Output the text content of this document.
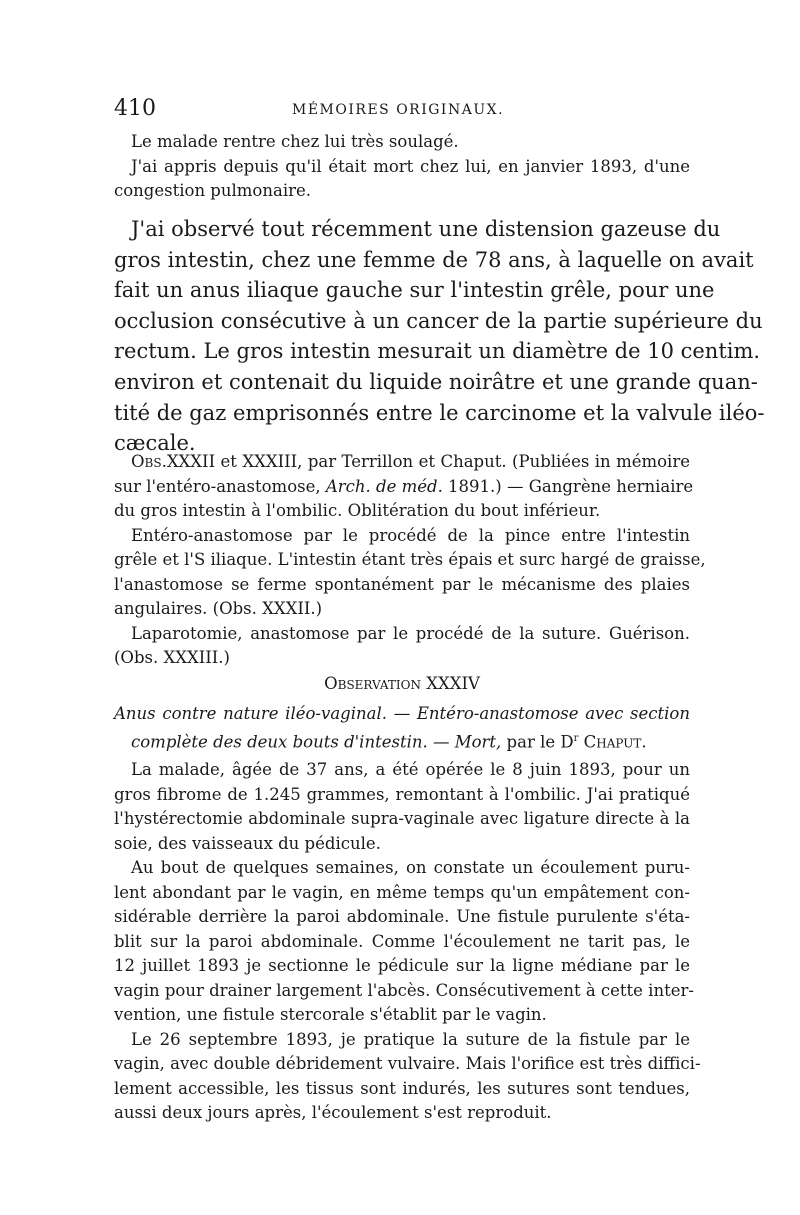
410	MÉMOIRES ORIGINAUX.
Le malade rentre chez lui très soulagé.
J'ai appris depuis qu'il était mort chez lui, en janvier 1893, d'une
congestion pulmonaire.
J'ai observé tout récemment une distension gazeuse du
gros intestin, chez une femme de 78 ans, à laquelle on avait
fait un anus iliaque gauche sur l'intestin grêle, pour une
occlusion consécutive à un cancer de la partie supérieure du
rectum. Le gros intestin mesurait un diamètre de 10 centim.
environ et contenait du liquide noirâtre et une grande quan-
tité de gaz emprisonnés entre le carcinome et la valvule iléo-
cæcale.
Obs.XXXII et XXXIII, par Terrillon et Chaput. (Publiées in mémoire
sur l'entéro-anastomose, Arch. de méd. 1891.) — Gangrène herniaire
du gros intestin à l'ombilic. Oblitération du bout inférieur.
Entéro-anastomose par le procédé de la pince entre l'intestin
grêle et l'S iliaque. L'intestin étant très épais et surc hargé de graisse,
l'anastomose se ferme spontanément par le mécanisme des plaies
angulaires. (Obs. XXXII.)
Laparotomie, anastomose par le procédé de la suture. Guérison.
(Obs. XXXIII.)
Observation XXXIV
Anus contre nature iléo-vaginal. — Entéro-anastomose avec section
complète des deux bouts d'intestin. — Mort, par le $D^r$ Chaput.
La malade, âgée de 37 ans, a été opérée le 8 juin 1893, pour un
gros fibrome de 1.245 grammes, remontant à l'ombilic. J'ai pratiqué
l'hystérectomie abdominale supra-vaginale avec ligature directe à la
soie, des vaisseaux du pédicule.
Au bout de quelques semaines, on constate un écoulement puru-
lent abondant par le vagin, en même temps qu'un empâtement con-
sidérable derrière la paroi abdominale. Une fistule purulente s'éta-
blit sur la paroi abdominale. Comme l'écoulement ne tarit pas, le
12 juillet 1893 je sectionne le pédicule sur la ligne médiane par le
vagin pour drainer largement l'abcès. Consécutivement à cette inter-
vention, une fistule stercorale s'établit par le vagin.
Le 26 septembre 1893, je pratique la suture de la fistule par le
vagin, avec double débridement vulvaire. Mais l'orifice est très diffici-
lement accessible, les tissus sont indurés, les sutures sont tendues,
aussi deux jours après, l'écoulement s'est reproduit.
